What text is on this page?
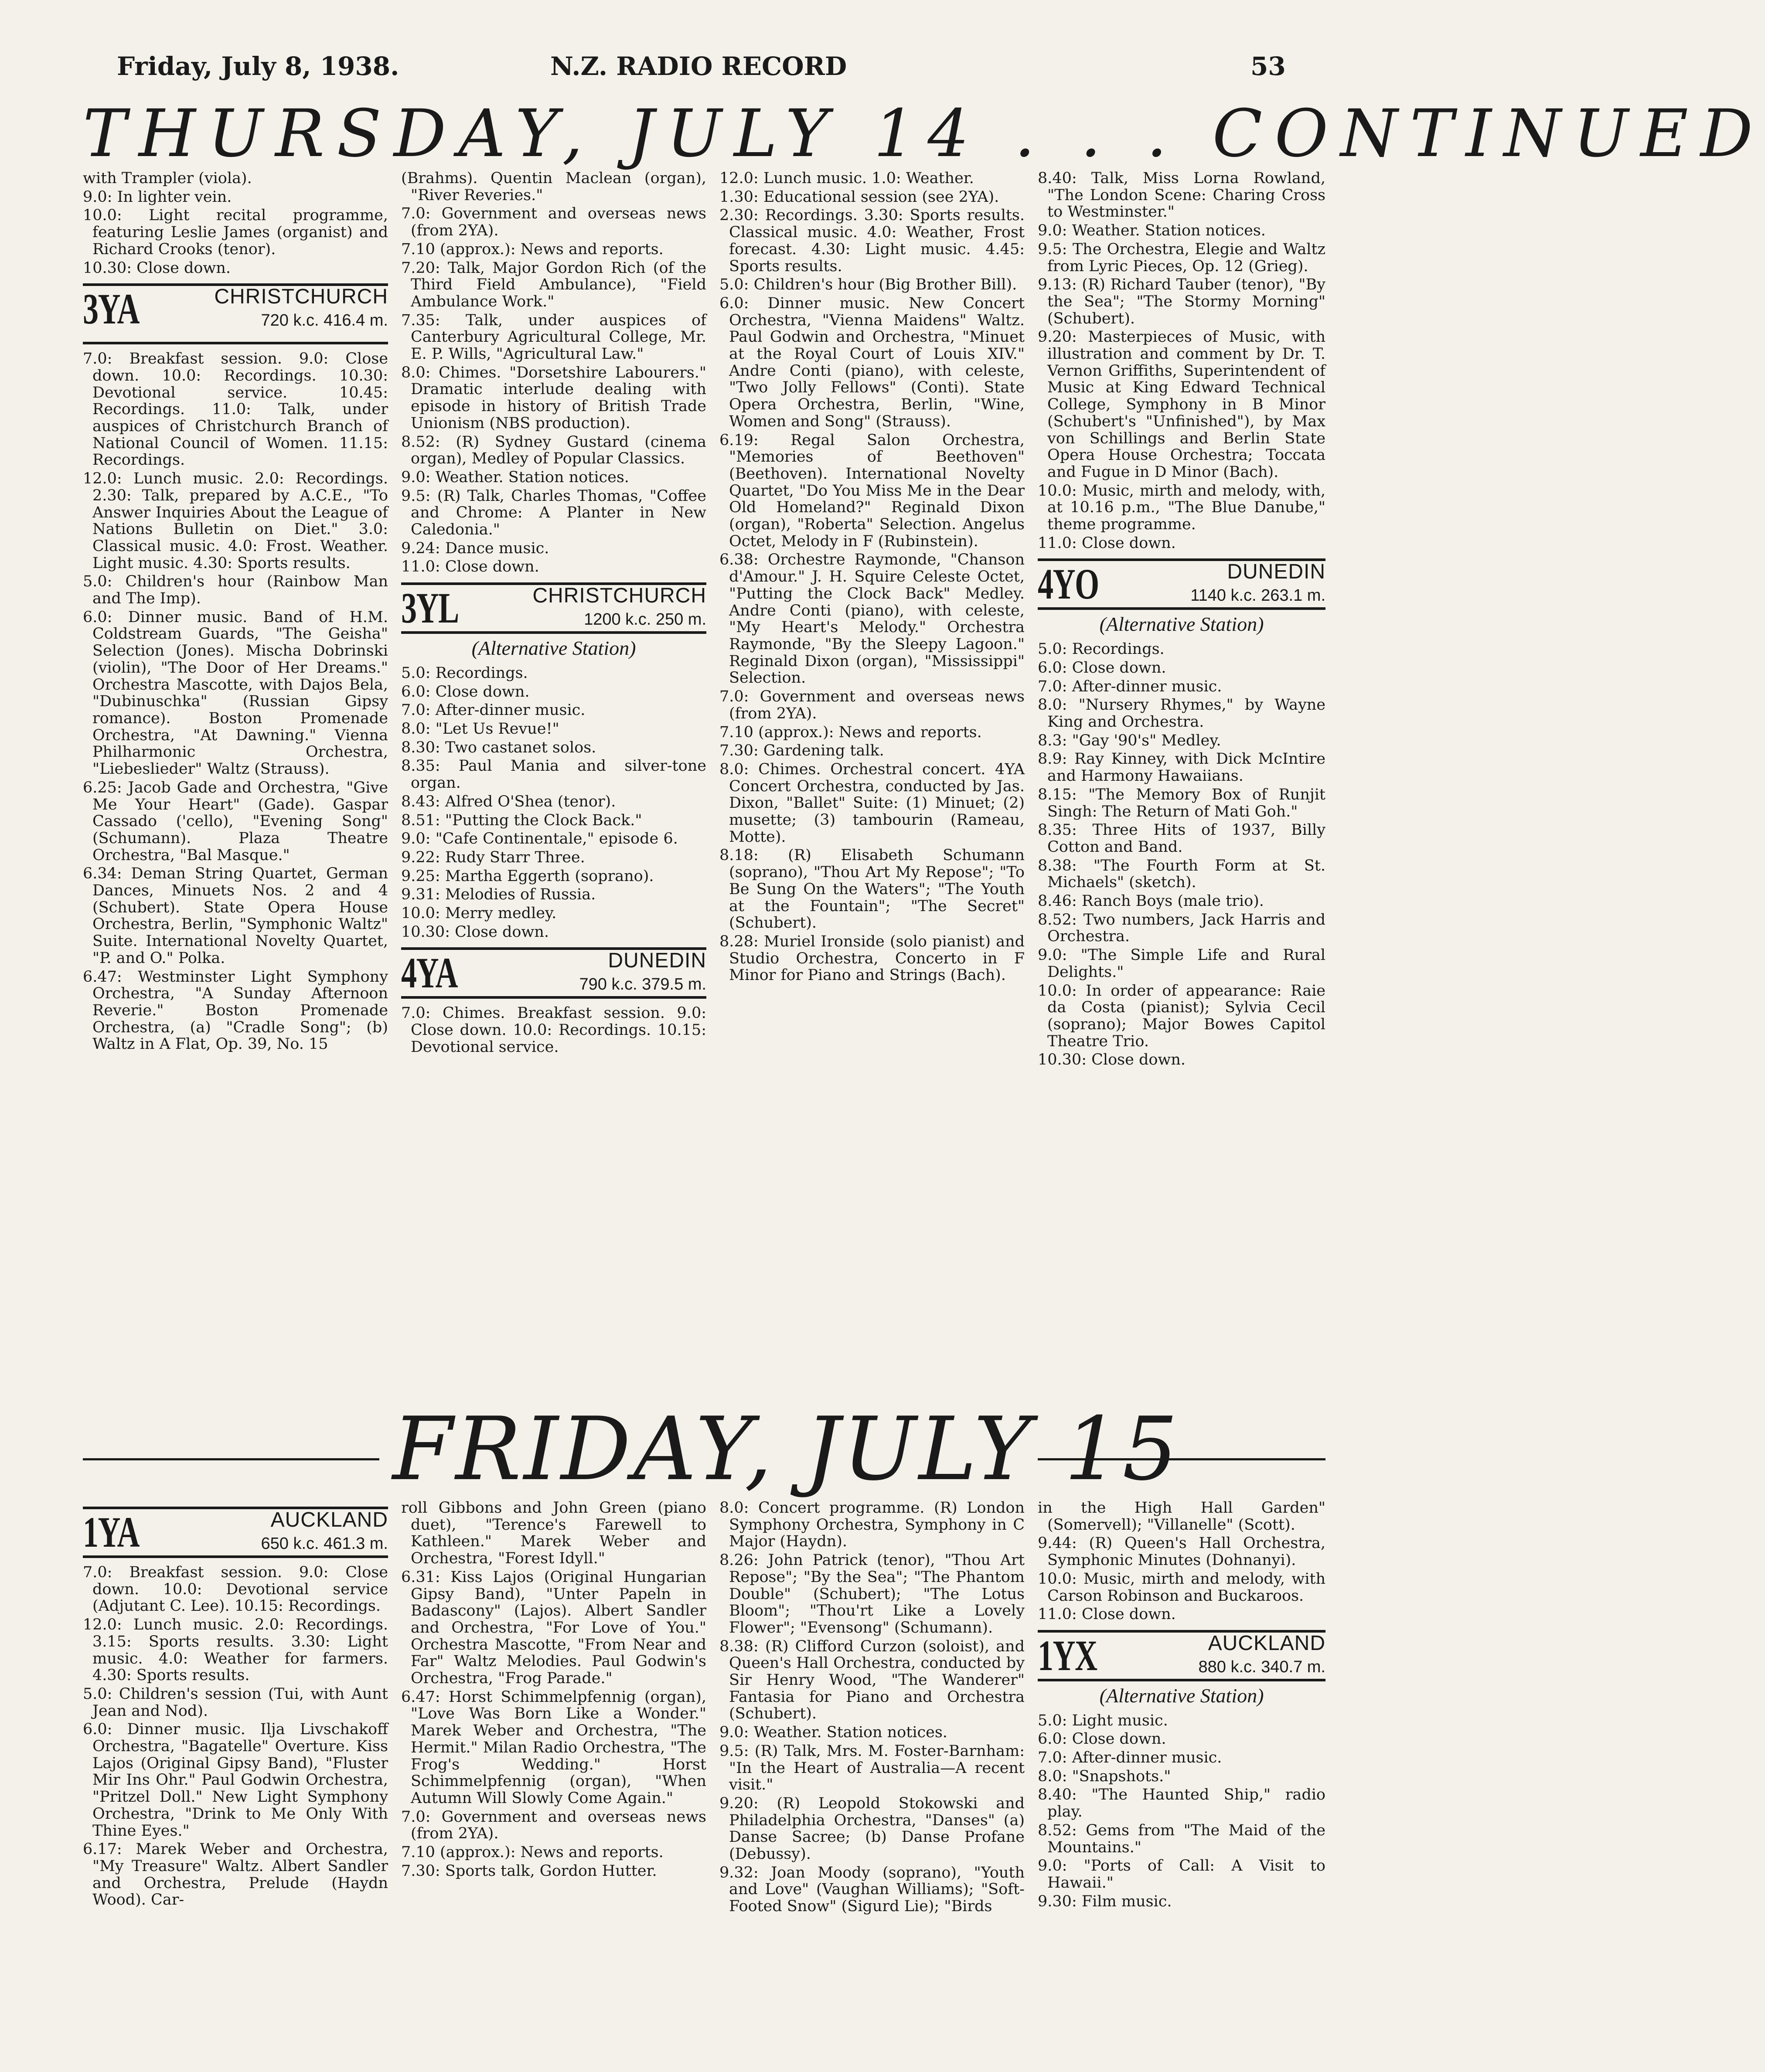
Friday, July 8, 1938.	N.Z. RADIO RECORD	53
THURSDAY, JULY 14 . . . CONTINUED

with Trampler (viola).

9.0: In lighter vein.

10.0: Light recital programme, featuring Leslie James (organist) and Richard Crooks (tenor).

10.30: Close down.

3YA	CHRISTCHURCH
720 k.c. 416.4 m.

7.0: Breakfast session. 9.0: Close down. 10.0: Recordings. 10.30: Devotional service. 10.45: Recordings. 11.0: Talk, under auspices of Christchurch Branch of National Council of Women. 11.15: Recordings.

12.0: Lunch music. 2.0: Recordings. 2.30: Talk, prepared by A.C.E., "To Answer Inquiries About the League of Nations Bulletin on Diet." 3.0: Classical music. 4.0: Frost. Weather. Light music. 4.30: Sports results.

5.0: Children's hour (Rainbow Man and The Imp).

6.0: Dinner music. Band of H.M. Coldstream Guards, "The Geisha" Selection (Jones). Mischa Dobrinski (violin), "The Door of Her Dreams." Orchestra Mascotte, with Dajos Bela, "Dubinuschka" (Russian Gipsy romance). Boston Promenade Orchestra, "At Dawning." Vienna Philharmonic Orchestra, "Liebeslieder" Waltz (Strauss).

6.25: Jacob Gade and Orchestra, "Give Me Your Heart" (Gade). Gaspar Cassado ('cello), "Evening Song" (Schumann). Plaza Theatre Orchestra, "Bal Masque."

6.34: Deman String Quartet, German Dances, Minuets Nos. 2 and 4 (Schubert). State Opera House Orchestra, Berlin, "Symphonic Waltz" Suite. International Novelty Quartet, "P. and O." Polka.

6.47: Westminster Light Symphony Orchestra, "A Sunday Afternoon Reverie." Boston Promenade Orchestra, (a) "Cradle Song"; (b) Waltz in A Flat, Op. 39, No. 15

(Brahms). Quentin Maclean (organ), "River Reveries."

7.0: Government and overseas news (from 2YA).

7.10 (approx.): News and reports.

7.20: Talk, Major Gordon Rich (of the Third Field Ambulance), "Field Ambulance Work."

7.35: Talk, under auspices of Canterbury Agricultural College, Mr. E. P. Wills, "Agricultural Law."

8.0: Chimes. "Dorsetshire Labourers." Dramatic interlude dealing with episode in history of British Trade Unionism (NBS production).

8.52: (R) Sydney Gustard (cinema organ), Medley of Popular Classics.

9.0: Weather. Station notices.

9.5: (R) Talk, Charles Thomas, "Coffee and Chrome: A Planter in New Caledonia."

9.24: Dance music.

11.0: Close down.

3YL	CHRISTCHURCH
1200 k.c. 250 m.
(Alternative Station)

5.0: Recordings.

6.0: Close down.

7.0: After-dinner music.

8.0: "Let Us Revue!"

8.30: Two castanet solos.

8.35: Paul Mania and silver-tone organ.

8.43: Alfred O'Shea (tenor).

8.51: "Putting the Clock Back."

9.0: "Cafe Continentale," episode 6.

9.22: Rudy Starr Three.

9.25: Martha Eggerth (soprano).

9.31: Melodies of Russia.

10.0: Merry medley.

10.30: Close down.

4YA	DUNEDIN
790 k.c. 379.5 m.

7.0: Chimes. Breakfast session. 9.0: Close down. 10.0: Recordings. 10.15: Devotional service.

12.0: Lunch music. 1.0: Weather.

1.30: Educational session (see 2YA).

2.30: Recordings. 3.30: Sports results. Classical music. 4.0: Weather, Frost forecast. 4.30: Light music. 4.45: Sports results.

5.0: Children's hour (Big Brother Bill).

6.0: Dinner music. New Concert Orchestra, "Vienna Maidens" Waltz. Paul Godwin and Orchestra, "Minuet at the Royal Court of Louis XIV." Andre Conti (piano), with celeste, "Two Jolly Fellows" (Conti). State Opera Orchestra, Berlin, "Wine, Women and Song" (Strauss).

6.19: Regal Salon Orchestra, "Memories of Beethoven" (Beethoven). International Novelty Quartet, "Do You Miss Me in the Dear Old Homeland?" Reginald Dixon (organ), "Roberta" Selection. Angelus Octet, Melody in F (Rubinstein).

6.38: Orchestre Raymonde, "Chanson d'Amour." J. H. Squire Celeste Octet, "Putting the Clock Back" Medley. Andre Conti (piano), with celeste, "My Heart's Melody." Orchestra Raymonde, "By the Sleepy Lagoon." Reginald Dixon (organ), "Mississippi" Selection.

7.0: Government and overseas news (from 2YA).

7.10 (approx.): News and reports.

7.30: Gardening talk.

8.0: Chimes. Orchestral concert. 4YA Concert Orchestra, conducted by Jas. Dixon, "Ballet" Suite: (1) Minuet; (2) musette; (3) tambourin (Rameau, Motte).

8.18: (R) Elisabeth Schumann (soprano), "Thou Art My Repose"; "To Be Sung On the Waters"; "The Youth at the Fountain"; "The Secret" (Schubert).

8.28: Muriel Ironside (solo pianist) and Studio Orchestra, Concerto in F Minor for Piano and Strings (Bach).

8.40: Talk, Miss Lorna Rowland, "The London Scene: Charing Cross to Westminster."

9.0: Weather. Station notices.

9.5: The Orchestra, Elegie and Waltz from Lyric Pieces, Op. 12 (Grieg).

9.13: (R) Richard Tauber (tenor), "By the Sea"; "The Stormy Morning" (Schubert).

9.20: Masterpieces of Music, with illustration and comment by Dr. T. Vernon Griffiths, Superintendent of Music at King Edward Technical College, Symphony in B Minor (Schubert's "Unfinished"), by Max von Schillings and Berlin State Opera House Orchestra; Toccata and Fugue in D Minor (Bach).

10.0: Music, mirth and melody, with, at 10.16 p.m., "The Blue Danube," theme programme.

11.0: Close down.

4YO	DUNEDIN
1140 k.c. 263.1 m.
(Alternative Station)

5.0: Recordings.

6.0: Close down.

7.0: After-dinner music.

8.0: "Nursery Rhymes," by Wayne King and Orchestra.

8.3: "Gay '90's" Medley.

8.9: Ray Kinney, with Dick McIntire and Harmony Hawaiians.

8.15: "The Memory Box of Runjit Singh: The Return of Mati Goh."

8.35: Three Hits of 1937, Billy Cotton and Band.

8.38: "The Fourth Form at St. Michaels" (sketch).

8.46: Ranch Boys (male trio).

8.52: Two numbers, Jack Harris and Orchestra.

9.0: "The Simple Life and Rural Delights."

10.0: In order of appearance: Raie da Costa (pianist); Sylvia Cecil (soprano); Major Bowes Capitol Theatre Trio.

10.30: Close down.

FRIDAY, JULY 15
1YA	AUCKLAND
650 k.c. 461.3 m.

7.0: Breakfast session. 9.0: Close down. 10.0: Devotional service (Adjutant C. Lee). 10.15: Recordings.

12.0: Lunch music. 2.0: Recordings. 3.15: Sports results. 3.30: Light music. 4.0: Weather for farmers. 4.30: Sports results.

5.0: Children's session (Tui, with Aunt Jean and Nod).

6.0: Dinner music. Ilja Livschakoff Orchestra, "Bagatelle" Overture. Kiss Lajos (Original Gipsy Band), "Fluster Mir Ins Ohr." Paul Godwin Orchestra, "Pritzel Doll." New Light Symphony Orchestra, "Drink to Me Only With Thine Eyes."

6.17: Marek Weber and Orchestra, "My Treasure" Waltz. Albert Sandler and Orchestra, Prelude (Haydn Wood). Car-

roll Gibbons and John Green (piano duet), "Terence's Farewell to Kathleen." Marek Weber and Orchestra, "Forest Idyll."

6.31: Kiss Lajos (Original Hungarian Gipsy Band), "Unter Papeln in Badascony" (Lajos). Albert Sandler and Orchestra, "For Love of You." Orchestra Mascotte, "From Near and Far" Waltz Melodies. Paul Godwin's Orchestra, "Frog Parade."

6.47: Horst Schimmelpfennig (organ), "Love Was Born Like a Wonder." Marek Weber and Orchestra, "The Hermit." Milan Radio Orchestra, "The Frog's Wedding." Horst Schimmelpfennig (organ), "When Autumn Will Slowly Come Again."

7.0: Government and overseas news (from 2YA).

7.10 (approx.): News and reports.

7.30: Sports talk, Gordon Hutter.

8.0: Concert programme. (R) London Symphony Orchestra, Symphony in C Major (Haydn).

8.26: John Patrick (tenor), "Thou Art Repose"; "By the Sea"; "The Phantom Double" (Schubert); "The Lotus Bloom"; "Thou'rt Like a Lovely Flower"; "Evensong" (Schumann).

8.38: (R) Clifford Curzon (soloist), and Queen's Hall Orchestra, conducted by Sir Henry Wood, "The Wanderer" Fantasia for Piano and Orchestra (Schubert).

9.0: Weather. Station notices.

9.5: (R) Talk, Mrs. M. Foster-Barnham: "In the Heart of Australia—A recent visit."

9.20: (R) Leopold Stokowski and Philadelphia Orchestra, "Danses" (a) Danse Sacree; (b) Danse Profane (Debussy).

9.32: Joan Moody (soprano), "Youth and Love" (Vaughan Williams); "Soft-Footed Snow" (Sigurd Lie); "Birds

in the High Hall Garden" (Somervell); "Villanelle" (Scott).

9.44: (R) Queen's Hall Orchestra, Symphonic Minutes (Dohnanyi).

10.0: Music, mirth and melody, with Carson Robinson and Buckaroos.

11.0: Close down.

1YX	AUCKLAND
880 k.c. 340.7 m.
(Alternative Station)

5.0: Light music.

6.0: Close down.

7.0: After-dinner music.

8.0: "Snapshots."

8.40: "The Haunted Ship," radio play.

8.52: Gems from "The Maid of the Mountains."

9.0: "Ports of Call: A Visit to Hawaii."

9.30: Film music.
